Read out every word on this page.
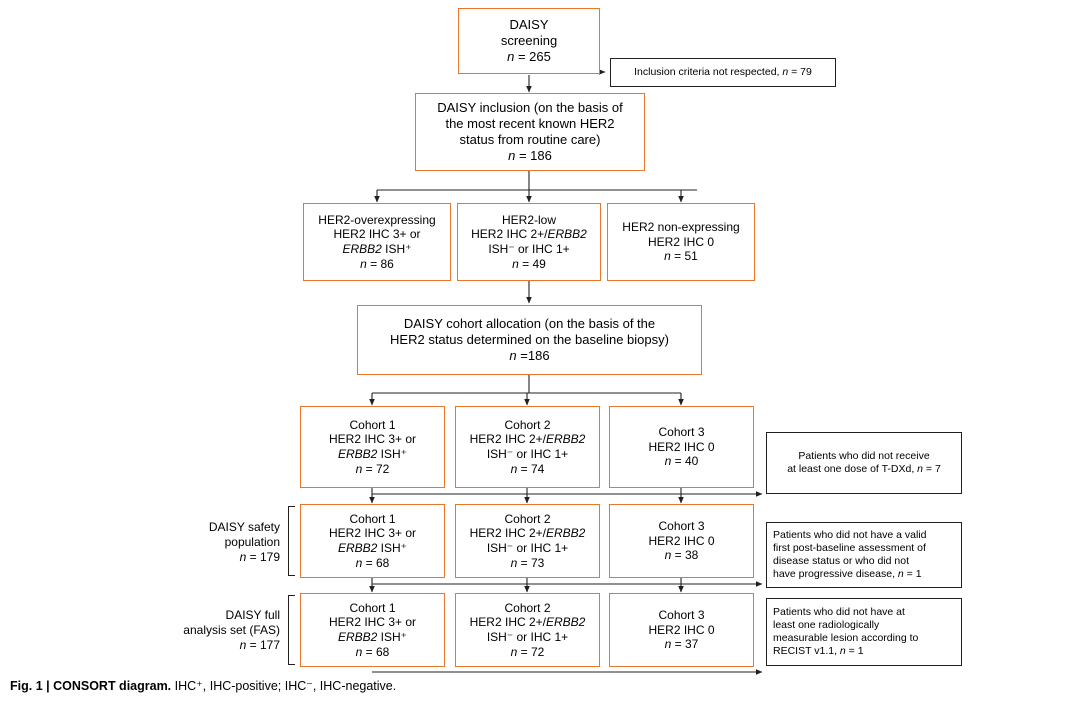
DAISY
screening
n = 265
Inclusion criteria not respected, n = 79
DAISY inclusion (on the basis of
the most recent known HER2
status from routine care)
n = 186
HER2-overexpressing
HER2 IHC 3+ or
ERBB2 ISH⁺
n = 86
HER2-low
HER2 IHC 2+/ERBB2
ISH⁻ or IHC 1+
n = 49
HER2 non-expressing
HER2 IHC 0
n = 51
DAISY cohort allocation (on the basis of the
HER2 status determined on the baseline biopsy)
n =186
Cohort 1
HER2 IHC 3+ or
ERBB2 ISH⁺
n = 72
Cohort 2
HER2 IHC 2+/ERBB2
ISH⁻ or IHC 1+
n = 74
Cohort 3
HER2 IHC 0
n = 40	Patients who did not receive
at least one dose of T-DXd, n = 7
Cohort 1
HER2 IHC 3+ or
ERBB2 ISH⁺
n = 68
Cohort 2
HER2 IHC 2+/ERBB2
ISH⁻ or IHC 1+
n = 73
Cohort 3
HER2 IHC 0
n = 38
Patients who did not have a valid
first post-baseline assessment of
disease status or who did not
have progressive disease, n = 1
Cohort 1
HER2 IHC 3+ or
ERBB2 ISH⁺
n = 68
Cohort 2
HER2 IHC 2+/ERBB2
ISH⁻ or IHC 1+
n = 72
Cohort 3
HER2 IHC 0
n = 37
Patients who did not have at
least one radiologically
measurable lesion according to
RECIST v1.1, n = 1
DAISY safety
population
n = 179
DAISY full
analysis set (FAS)
n = 177
Fig. 1 | CONSORT diagram. IHC⁺, IHC-positive; IHC⁻, IHC-negative.
